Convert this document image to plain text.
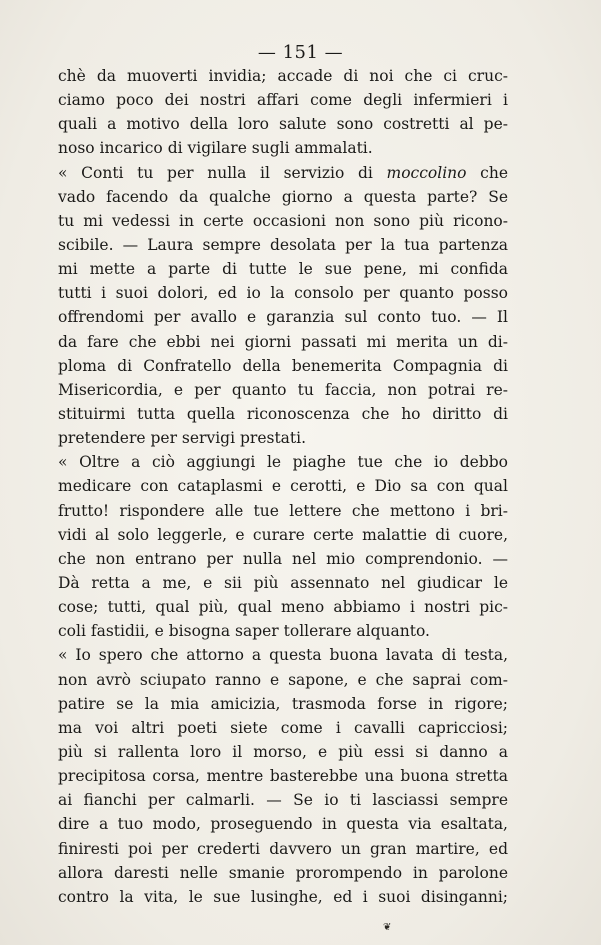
— 151 —
chè da muoverti invidia; accade di noi che ci cruc-
ciamo poco dei nostri affari come degli infermieri i
quali a motivo della loro salute sono costretti al pe-
noso incarico di vigilare sugli ammalati.
« Conti tu per nulla il servizio di moccolino che
vado facendo da qualche giorno a questa parte? Se
tu mi vedessi in certe occasioni non sono più ricono-
scibile. — Laura sempre desolata per la tua partenza
mi mette a parte di tutte le sue pene, mi confida
tutti i suoi dolori, ed io la consolo per quanto posso
offrendomi per avallo e garanzia sul conto tuo. — Il
da fare che ebbi nei giorni passati mi merita un di-
ploma di Confratello della benemerita Compagnia di
Misericordia, e per quanto tu faccia, non potrai re-
stituirmi tutta quella riconoscenza che ho diritto di
pretendere per servigi prestati.
« Oltre a ciò aggiungi le piaghe tue che io debbo
medicare con cataplasmi e cerotti, e Dio sa con qual
frutto! rispondere alle tue lettere che mettono i bri-
vidi al solo leggerle, e curare certe malattie di cuore,
che non entrano per nulla nel mio comprendonio. —
Dà retta a me, e sii più assennato nel giudicar le
cose; tutti, qual più, qual meno abbiamo i nostri pic-
coli fastidii, e bisogna saper tollerare alquanto.
« Io spero che attorno a questa buona lavata di testa,
non avrò sciupato ranno e sapone, e che saprai com-
patire se la mia amicizia, trasmoda forse in rigore;
ma voi altri poeti siete come i cavalli capricciosi;
più si rallenta loro il morso, e più essi si danno a
precipitosa corsa, mentre basterebbe una buona stretta
ai fianchi per calmarli. — Se io ti lasciassi sempre
dire a tuo modo, proseguendo in questa via esaltata,
finiresti poi per crederti davvero un gran martire, ed
allora daresti nelle smanie prorompendo in parolone
contro la vita, le sue lusinghe, ed i suoi disinganni;
❦
